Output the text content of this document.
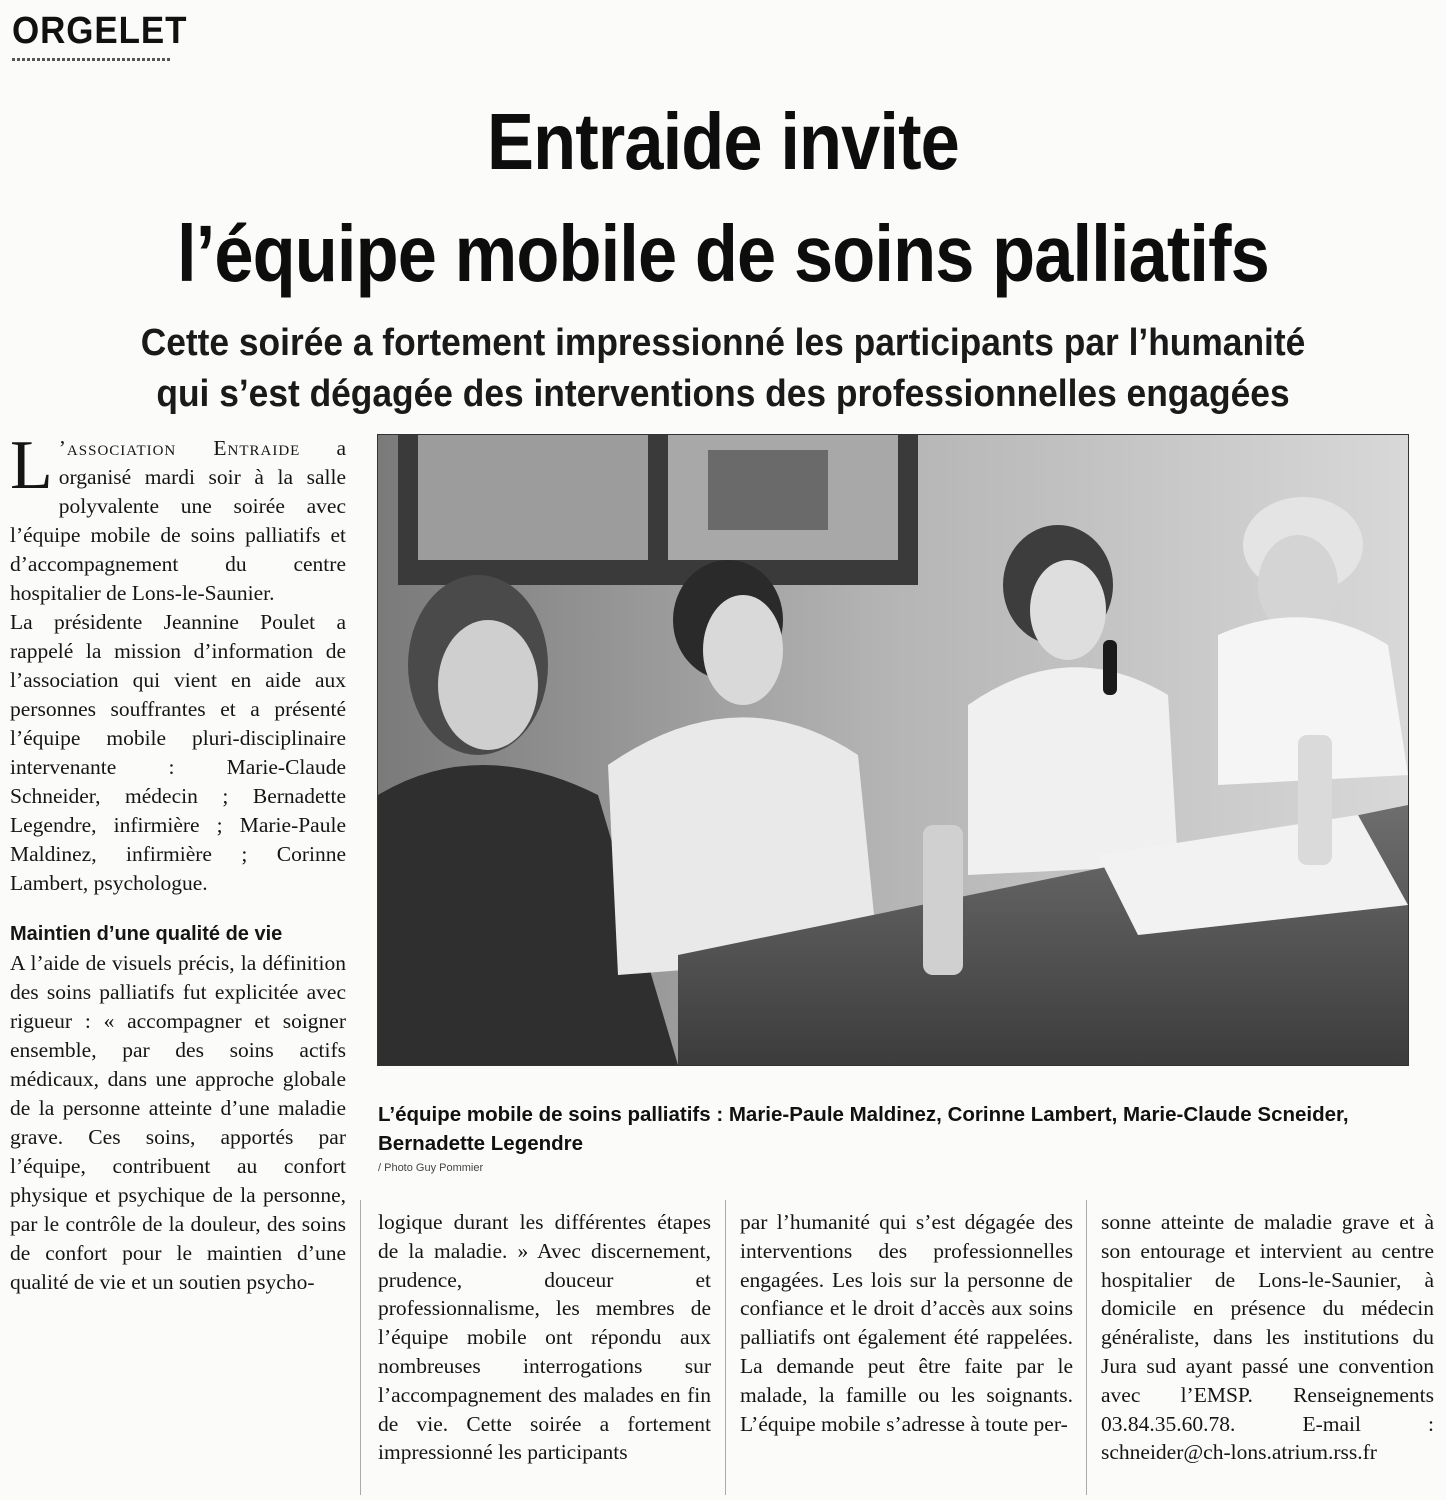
ORGELET
Entraide invite
l’équipe mobile de soins palliatifs
Cette soirée a fortement impressionné les participants par l’humanité
qui s’est dégagée des interventions des professionnelles engagées

L ’association Entraide a organisé mardi soir à la salle polyvalente une soirée avec l’équipe mobile de soins palliatifs et d’accompagnement du centre hospitalier de Lons-le-Saunier.

La présidente Jeannine Poulet a rappelé la mission d’information de l’association qui vient en aide aux personnes souffrantes et a présenté l’équipe mobile pluri-disciplinaire intervenante : Marie-Claude Schneider, médecin ; Bernadette Legendre, infirmière ; Marie-Paule Maldinez, infirmière ; Corinne Lambert, psychologue.

Maintien d’une qualité de vie

A l’aide de visuels précis, la définition des soins palliatifs fut explicitée avec rigueur : « accompagner et soigner ensemble, par des soins actifs médicaux, dans une approche globale de la personne atteinte d’une maladie grave. Ces soins, apportés par l’équipe, contribuent au confort physique et psychique de la personne, par le contrôle de la douleur, des soins de confort pour le maintien d’une qualité de vie et un soutien psycho-

L’équipe mobile de soins palliatifs : Marie-Paule Maldinez, Corinne Lambert, Marie-Claude Scneider, Bernadette Legendre

/ Photo Guy Pommier

logique durant les différentes étapes de la maladie. » Avec discernement, prudence, douceur et professionnalisme, les membres de l’équipe mobile ont répondu aux nombreuses interrogations sur l’accompagnement des malades en fin de vie. Cette soirée a fortement impressionné les participants

par l’humanité qui s’est dégagée des interventions des professionnelles engagées. Les lois sur la personne de confiance et le droit d’accès aux soins palliatifs ont également été rappelées. La demande peut être faite par le malade, la famille ou les soignants. L’équipe mobile s’adresse à toute per-

sonne atteinte de maladie grave et à son entourage et intervient au centre hospitalier de Lons-le-Saunier, à domicile en présence du médecin généraliste, dans les institutions du Jura sud ayant passé une convention avec l’EMSP. Renseignements 03.84.35.60.78. E-mail : schneider@ch-lons.atrium.rss.fr
